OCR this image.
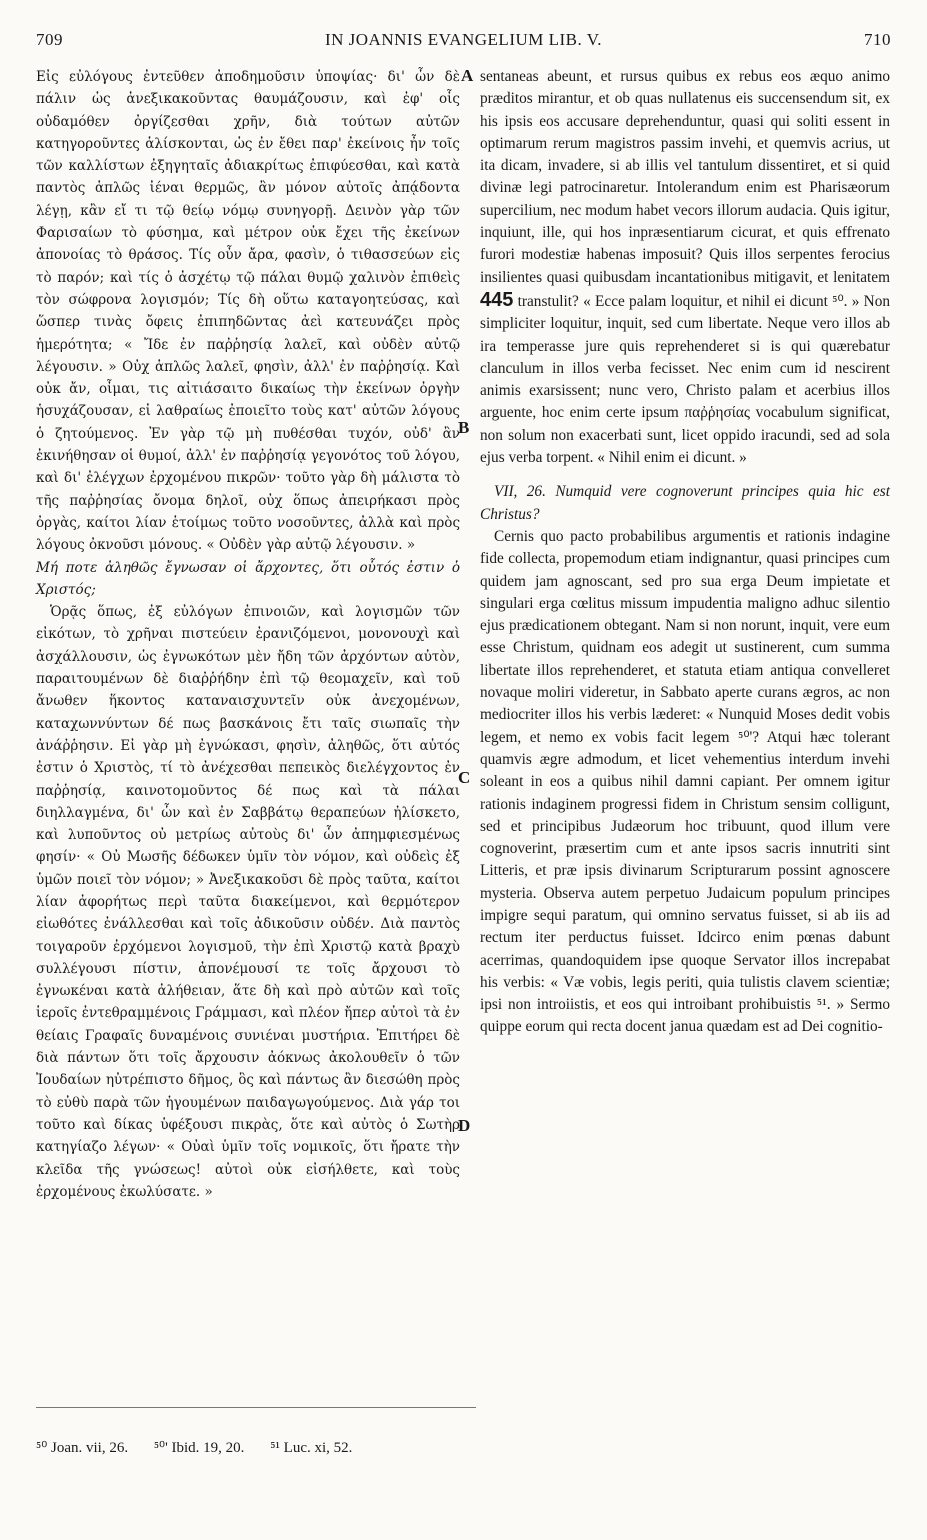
709	IN JOANNIS EVANGELIUM LIB. V.	710
A
B
C
D

Εἰς εὐλόγους ἐντεῦθεν ἀποδημοῦσιν ὑποψίας· δι' ὧν δὲ πάλιν ὡς ἀνεξικακοῦντας θαυμάζουσιν, καὶ ἐφ' οἷς οὐδαμόθεν ὀργίζεσθαι χρῆν, διὰ τούτων αὐτῶν κατηγοροῦντες ἁλίσκονται, ὡς ἐν ἔθει παρ' ἐκείνοις ἦν τοῖς τῶν καλλίστων ἐξηγηταῖς ἀδιακρίτως ἐπιφύεσθαι, καὶ κατὰ παντὸς ἁπλῶς ἰέναι θερμῶς, ἂν μόνον αὐτοῖς ἀπᾴδοντα λέγῃ, κἂν εἴ τι τῷ θείῳ νόμῳ συνηγορῇ. Δεινὸν γὰρ τῶν Φαρισαίων τὸ φύσημα, καὶ μέτρον οὐκ ἔχει τῆς ἐκείνων ἀπονοίας τὸ θράσος. Τίς οὖν ἄρα, φασὶν, ὁ τιθασσεύων εἰς τὸ παρόν; καὶ τίς ὁ ἀσχέτῳ τῷ πάλαι θυμῷ χαλινὸν ἐπιθεὶς τὸν σώφρονα λογισμόν; Τίς δὴ οὕτω καταγοητεύσας, καὶ ὥσπερ τινὰς ὄφεις ἐπιπηδῶντας ἀεὶ κατευνάζει πρὸς ἡμερότητα; « Ἴδε ἐν παῤῥησίᾳ λαλεῖ, καὶ οὐδὲν αὐτῷ λέγουσιν. » Οὐχ ἁπλῶς λαλεῖ, φησὶν, ἀλλ' ἐν παῤῥησίᾳ. Καὶ οὐκ ἄν, οἶμαι, τις αἰτιάσαιτο δικαίως τὴν ἐκείνων ὀργὴν ἡσυχάζουσαν, εἰ λαθραίως ἐποιεῖτο τοὺς κατ' αὐτῶν λόγους ὁ ζητούμενος. Ἐν γὰρ τῷ μὴ πυθέσθαι τυχόν, οὐδ' ἂν ἐκινήθησαν οἱ θυμοί, ἀλλ' ἐν παῤῥησίᾳ γεγονότος τοῦ λόγου, καὶ δι' ἐλέγχων ἐρχομένου πικρῶν· τοῦτο γὰρ δὴ μάλιστα τὸ τῆς παῤῥησίας ὄνομα δηλοῖ, οὐχ ὅπως ἀπειρήκασι πρὸς ὀργὰς, καίτοι λίαν ἑτοίμως τοῦτο νοσοῦντες, ἀλλὰ καὶ πρὸς λόγους ὀκνοῦσι μόνους. « Οὐδὲν γὰρ αὐτῷ λέγουσιν. »

Μή ποτε ἀληθῶς ἔγνωσαν οἱ ἄρχοντες, ὅτι οὗτός ἐστιν ὁ Χριστός;

Ὁρᾷς ὅπως, ἐξ εὐλόγων ἐπινοιῶν, καὶ λογισμῶν τῶν εἰκότων, τὸ χρῆναι πιστεύειν ἐρανιζόμενοι, μονονουχὶ καὶ ἀσχάλλουσιν, ὡς ἐγνωκότων μὲν ἤδη τῶν ἀρχόντων αὐτὸν, παραιτουμένων δὲ διαῤῥήδην ἐπὶ τῷ θεομαχεῖν, καὶ τοῦ ἄνωθεν ἥκοντος καταναισχυντεῖν οὐκ ἀνεχομένων, καταχωννύντων δέ πως βασκάνοις ἔτι ταῖς σιωπαῖς τὴν ἀνάῤῥησιν. Εἰ γὰρ μὴ ἐγνώκασι, φησὶν, ἀληθῶς, ὅτι αὐτός ἐστιν ὁ Χριστὸς, τί τὸ ἀνέχεσθαι πεπεικὸς διελέγχοντος ἐν παῤῥησίᾳ, καινοτομοῦντος δέ πως καὶ τὰ πάλαι διηλλαγμένα, δι' ὧν καὶ ἐν Σαββάτῳ θεραπεύων ἠλίσκετο, καὶ λυποῦντος οὐ μετρίως αὐτοὺς δι' ὧν ἀπημφιεσμένως φησίν· « Οὐ Μωσῆς δέδωκεν ὑμῖν τὸν νόμον, καὶ οὐδεὶς ἐξ ὑμῶν ποιεῖ τὸν νόμον; » Ἀνεξικακοῦσι δὲ πρὸς ταῦτα, καίτοι λίαν ἀφορήτως περὶ ταῦτα διακείμενοι, καὶ θερμότερον εἰωθότες ἐνάλλεσθαι καὶ τοῖς ἀδικοῦσιν οὐδέν. Διὰ παντὸς τοιγαροῦν ἐρχόμενοι λογισμοῦ, τὴν ἐπὶ Χριστῷ κατὰ βραχὺ συλλέγουσι πίστιν, ἀπονέμουσί τε τοῖς ἄρχουσι τὸ ἐγνωκέναι κατὰ ἀλήθειαν, ἅτε δὴ καὶ πρὸ αὐτῶν καὶ τοῖς ἱεροῖς ἐντεθραμμένοις Γράμμασι, καὶ πλέον ἤπερ αὐτοὶ τὰ ἐν θείαις Γραφαῖς δυναμένοις συνιέναι μυστήρια. Ἐπιτήρει δὲ διὰ πάντων ὅτι τοῖς ἄρχουσιν ἀόκνως ἀκολουθεῖν ὁ τῶν Ἰουδαίων ηὐτρέπιστο δῆμος, ὃς καὶ πάντως ἂν διεσώθη πρὸς τὸ εὐθὺ παρὰ τῶν ἡγουμένων παιδαγωγούμενος. Διὰ γάρ τοι τοῦτο καὶ δίκας ὑφέξουσι πικρὰς, ὅτε καὶ αὐτὸς ὁ Σωτὴρ κατηγίαζο λέγων· « Οὐαὶ ὑμῖν τοῖς νομικοῖς, ὅτι ἤρατε τὴν κλεῖδα τῆς γνώσεως! αὐτοὶ οὐκ εἰσήλθετε, καὶ τοὺς ἐρχομένους ἐκωλύσατε. »

sentaneas abeunt, et rursus quibus ex rebus eos æquo animo præditos mirantur, et ob quas nullatenus eis succensendum sit, ex his ipsis eos accusare deprehenduntur, quasi qui soliti essent in optimarum rerum magistros passim invehi, et quemvis acrius, ut ita dicam, invadere, si ab illis vel tantulum dissentiret, et si quid divinæ legi patrocinaretur. Intolerandum enim est Pharisæorum supercilium, nec modum habet vecors illorum audacia. Quis igitur, inquiunt, ille, qui hos inpræsentiarum cicurat, et quis effrenato furori modestiæ habenas imposuit? Quis illos serpentes ferocius insilientes quasi quibusdam incantationibus mitigavit, et lenitatem 445 transtulit? « Ecce palam loquitur, et nihil ei dicunt ⁵⁰. » Non simpliciter loquitur, inquit, sed cum libertate. Neque vero illos ab ira temperasse jure quis reprehenderet si is qui quærebatur clanculum in illos verba fecisset. Nec enim cum id nescirent animis exarsissent; nunc vero, Christo palam et acerbius illos arguente, hoc enim certe ipsum παῤῥησίας vocabulum significat, non solum non exacerbati sunt, licet oppido iracundi, sed ad sola ejus verba torpent. « Nihil enim ei dicunt. »

VII, 26. Numquid vere cognoverunt principes quia hic est Christus?

Cernis quo pacto probabilibus argumentis et rationis indagine fide collecta, propemodum etiam indignantur, quasi principes cum quidem jam agnoscant, sed pro sua erga Deum impietate et singulari erga cœlitus missum impudentia maligno adhuc silentio ejus prædicationem obtegant. Nam si non norunt, inquit, vere eum esse Christum, quidnam eos adegit ut sustinerent, cum summa libertate illos reprehenderet, et statuta etiam antiqua convelleret novaque moliri videretur, in Sabbato aperte curans ægros, ac non mediocriter illos his verbis læderet: « Nunquid Moses dedit vobis legem, et nemo ex vobis facit legem ⁵⁰'? Atqui hæc tolerant quamvis ægre admodum, et licet vehementius interdum invehi soleant in eos a quibus nihil damni capiant. Per omnem igitur rationis indaginem progressi fidem in Christum sensim colligunt, sed et principibus Judæorum hoc tribuunt, quod illum vere cognoverint, præsertim cum et ante ipsos sacris innutriti sint Litteris, et præ ipsis divinarum Scripturarum possint agnoscere mysteria. Observa autem perpetuo Judaicum populum principes impigre sequi paratum, qui omnino servatus fuisset, si ab iis ad rectum iter perductus fuisset. Idcirco enim pœnas dabunt acerrimas, quandoquidem ipse quoque Servator illos increpabat his verbis: « Væ vobis, legis periti, quia tulistis clavem scientiæ; ipsi non introiistis, et eos qui introibant prohibuistis ⁵¹. » Sermo quippe eorum qui recta docent janua quædam est ad Dei cognitio-

⁵⁰ Joan. vii, 26. ⁵⁰' Ibid. 19, 20. ⁵¹ Luc. xi, 52.
